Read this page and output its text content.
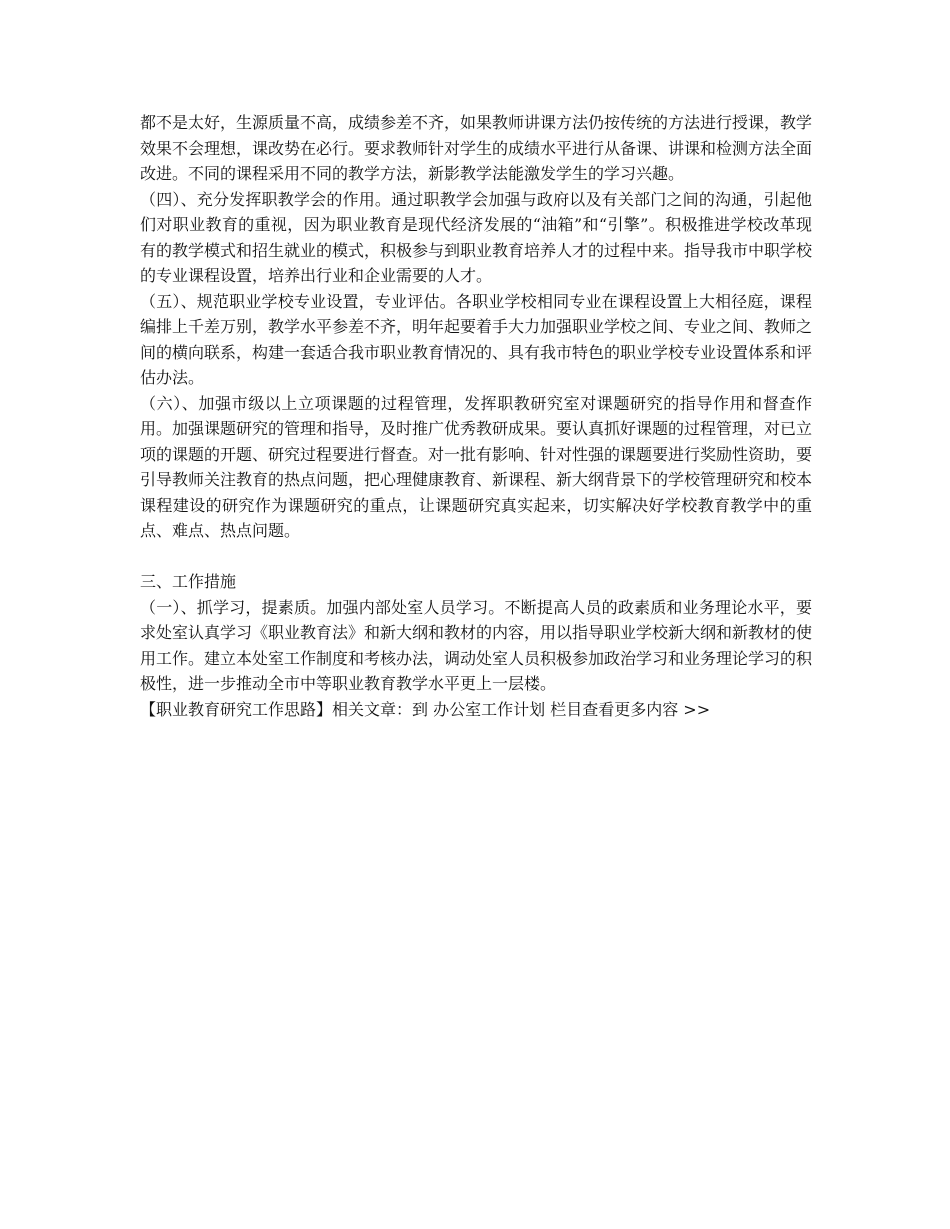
都不是太好，生源质量不高，成绩参差不齐，如果教师讲课方法仍按传统的方法进行授课，教学效果不会理想，课改势在必行。要求教师针对学生的成绩水平进行从备课、讲课和检测方法全面改进。不同的课程采用不同的教学方法，新影教学法能激发学生的学习兴趣。

（四）、充分发挥职教学会的作用。通过职教学会加强与政府以及有关部门之间的沟通，引起他们对职业教育的重视，因为职业教育是现代经济发展的“油箱”和“引擎”。积极推进学校改革现有的教学模式和招生就业的模式，积极参与到职业教育培养人才的过程中来。指导我市中职学校的专业课程设置，培养出行业和企业需要的人才。

（五）、规范职业学校专业设置，专业评估。各职业学校相同专业在课程设置上大相径庭，课程编排上千差万别，教学水平参差不齐，明年起要着手大力加强职业学校之间、专业之间、教师之间的横向联系，构建一套适合我市职业教育情况的、具有我市特色的职业学校专业设置体系和评估办法。

（六）、加强市级以上立项课题的过程管理，发挥职教研究室对课题研究的指导作用和督查作用。加强课题研究的管理和指导，及时推广优秀教研成果。要认真抓好课题的过程管理，对已立项的课题的开题、研究过程要进行督查。对一批有影响、针对性强的课题要进行奖励性资助，要引导教师关注教育的热点问题，把心理健康教育、新课程、新大纲背景下的学校管理研究和校本课程建设的研究作为课题研究的重点，让课题研究真实起来，切实解决好学校教育教学中的重点、难点、热点问题。

三、工作措施

（一）、抓学习，提素质。加强内部处室人员学习。不断提高人员的政素质和业务理论水平，要求处室认真学习《职业教育法》和新大纲和教材的内容，用以指导职业学校新大纲和新教材的使用工作。建立本处室工作制度和考核办法，调动处室人员积极参加政治学习和业务理论学习的积极性，进一步推动全市中等职业教育教学水平更上一层楼。

【职业教育研究工作思路】相关文章：到 办公室工作计划 栏目查看更多内容 >>
